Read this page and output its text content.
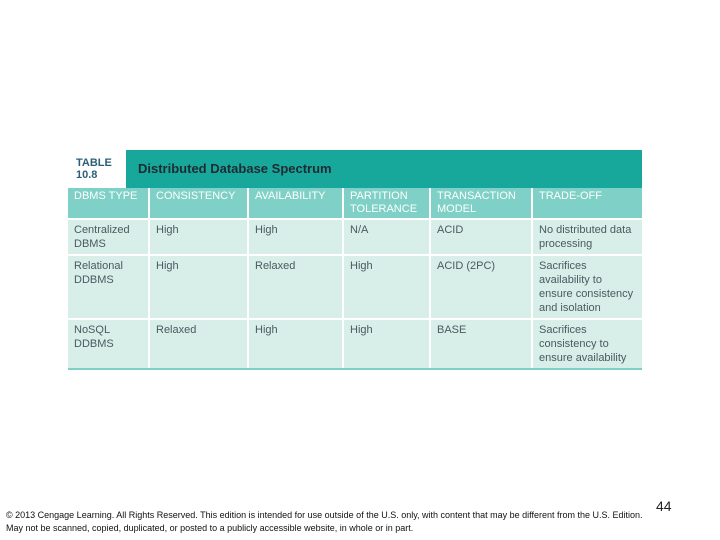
TABLE
10.8	Distributed Database Spectrum
DBMS TYPE	CONSISTENCY	AVAILABILITY	PARTITION TOLERANCE	TRANSACTION MODEL	TRADE-OFF
Centralized DBMS	High	High	N/A	ACID	No distributed data processing
Relational DDBMS	High	Relaxed	High	ACID (2PC)	Sacrifices availability to ensure consistency and isolation
NoSQL DDBMS	Relaxed	High	High	BASE	Sacrifices consistency to ensure availability
44
© 2013 Cengage Learning. All Rights Reserved. This edition is intended for use outside of the U.S. only, with content that may be different from the U.S. Edition.
May not be scanned, copied, duplicated, or posted to a publicly accessible website, in whole or in part.
